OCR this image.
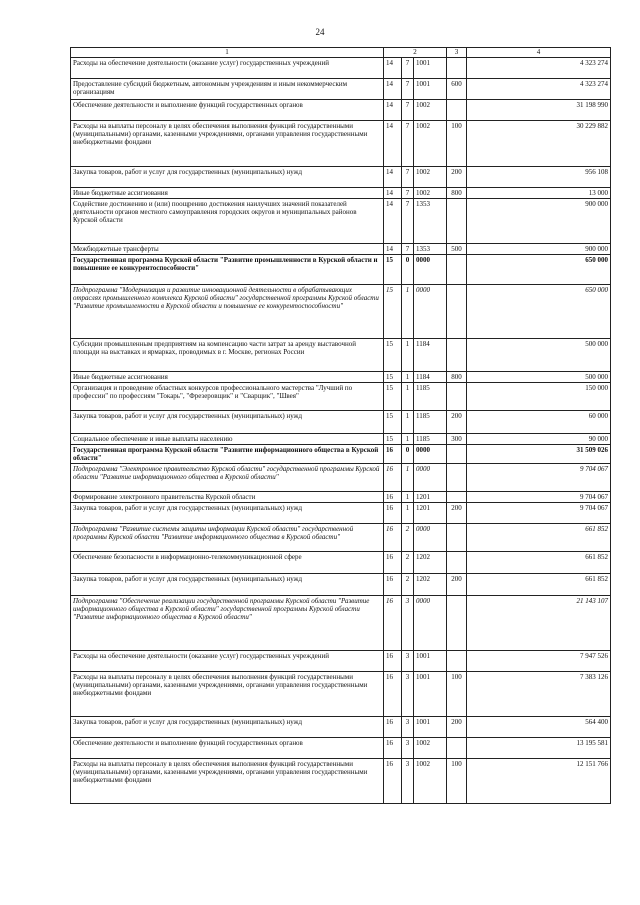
24
1	2			3	4
Расходы на обеспечение деятельности (оказание услуг) государственных учреждений	14	7	1001		4 323 274
Предоставление субсидий бюджетным, автономным учреждениям и иным некоммерческим организациям	14	7	1001	600	4 323 274
Обеспечение деятельности и выполнение функций государственных органов	14	7	1002		31 198 990
Расходы на выплаты персоналу в целях обеспечения выполнения функций государственными (муниципальными) органами, казенными учреждениями, органами управления государственными внебюджетными фондами	14	7	1002	100	30 229 882
Закупка товаров, работ и услуг для государственных (муниципальных) нужд	14	7	1002	200	956 108
Иные бюджетные ассигнования	14	7	1002	800	13 000
Содействие достижению и (или) поощрению достижения наилучших значений показателей деятельности органов местного самоуправления городских округов и муниципальных районов Курской области	14	7	1353		900 000
Межбюджетные трансферты	14	7	1353	500	900 000
Государственная программа Курской области "Развитие промышленности в Курской области и повышение ее конкурентоспособности"	15	0	0000		650 000
Подпрограмма "Модернизация и развитие инновационной деятельности в обрабатывающих отраслях промышленного комплекса Курской области" государственной программы Курской области "Развитие промышленности в Курской области и повышение ее конкурентоспособности"	15	1	0000		650 000
Субсидии промышленным предприятиям на компенсацию части затрат за аренду выставочной площади на выставках и ярмарках, проводимых в г. Москве, регионах России	15	1	1184		500 000
Иные бюджетные ассигнования	15	1	1184	800	500 000
Организация и проведение областных конкурсов профессионального мастерства "Лучший по профессии" по профессиям "Токарь", "Фрезеровщик" и "Сварщик", "Швея"	15	1	1185		150 000
Закупка товаров, работ и услуг для государственных (муниципальных) нужд	15	1	1185	200	60 000
Социальное обеспечение и иные выплаты населению	15	1	1185	300	90 000
Государственная программа Курской области "Развитие информационного общества в Курской области"	16	0	0000		31 509 026
Подпрограмма "Электронное правительство Курской области" государственной программы Курской области "Развитие информационного общества в Курской области"	16	1	0000		9 704 067
Формирование электронного правительства Курской области	16	1	1201		9 704 067
Закупка товаров, работ и услуг для государственных (муниципальных) нужд	16	1	1201	200	9 704 067
Подпрограмма "Развитие системы защиты информации Курской области" государственной программы Курской области "Развитие информационного общества в Курской области"	16	2	0000		661 852
Обеспечение безопасности в информационно-телекоммуникационной сфере	16	2	1202		661 852
Закупка товаров, работ и услуг для государственных (муниципальных) нужд	16	2	1202	200	661 852
Подпрограмма "Обеспечение реализации государственной программы Курской области "Развитие информационного общества в Курской области" государственной программы Курской области "Развитие информационного общества в Курской области"	16	3	0000		21 143 107
Расходы на обеспечение деятельности (оказание услуг) государственных учреждений	16	3	1001		7 947 526
Расходы на выплаты персоналу в целях обеспечения выполнения функций государственными (муниципальными) органами, казенными учреждениями, органами управления государственными внебюджетными фондами	16	3	1001	100	7 383 126
Закупка товаров, работ и услуг для государственных (муниципальных) нужд	16	3	1001	200	564 400
Обеспечение деятельности и выполнение функций государственных органов	16	3	1002		13 195 581
Расходы на выплаты персоналу в целях обеспечения выполнения функций государственными (муниципальными) органами, казенными учреждениями, органами управления государственными внебюджетными фондами	16	3	1002	100	12 151 766
